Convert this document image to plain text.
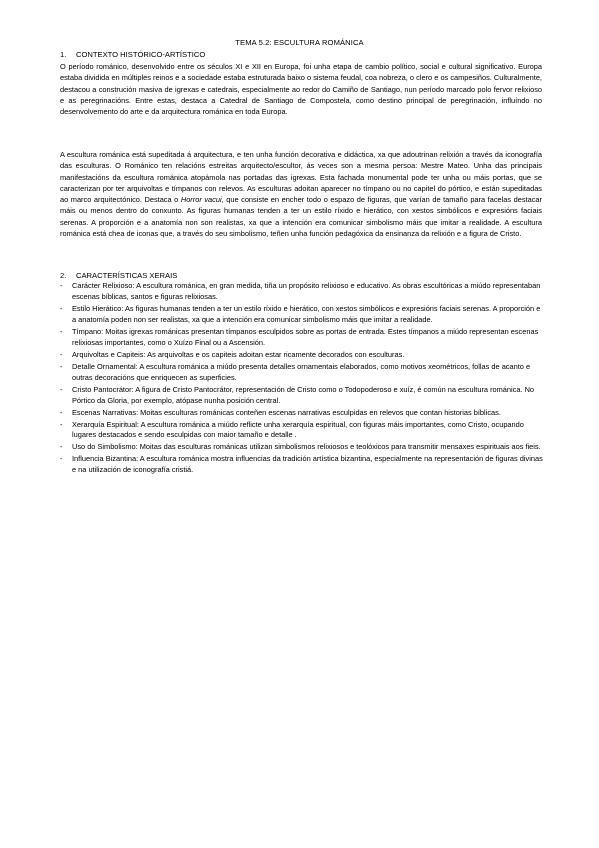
TEMA 5.2: ESCULTURA ROMÁNICA
1. CONTEXTO HISTÓRICO-ARTÍSTICO

O período románico, desenvolvido entre os séculos XI e XII en Europa, foi unha etapa de cambio político, social e cultural significativo. Europa estaba dividida en múltiples reinos e a sociedade estaba estruturada baixo o sistema feudal, coa nobreza, o clero e os campesiños. Culturalmente, destacou a construción masiva de igrexas e catedrais, especialmente ao redor do Camiño de Santiago, nun período marcado polo fervor relixioso e as peregrinacións. Entre estas, destaca a Catedral de Santiago de Compostela, como destino principal de peregrinación, influíndo no desenvolvemento do arte e da arquitectura románica en toda Europa.

A escultura románica está supeditada á arquitectura, e ten unha función decorativa e didáctica, xa que adoutrinan relixión a través da iconografía das esculturas. O Románico ten relacións estreitas arquitecto/escultor, ás veces son a mesma persoa: Mestre Mateo. Unha das principais manifestacións da escultura románica atopámola nas portadas das igrexas. Esta fachada monumental pode ter unha ou máis portas, que se caracterizan por ter arquivoltas e tímpanos con relevos. As esculturas adoitan aparecer no tímpano ou no capitel do pórtico, e están supeditadas ao marco arquitectónico. Destaca o Horror vacui, que consiste en encher todo o espazo de figuras, que varían de tamaño para facelas destacar máis ou menos dentro do conxunto. As figuras humanas tenden a ter un estilo ríxido e hierático, con xestos simbólicos e expresións faciais serenas. A proporción e a anatomía non son realistas, xa que a intención era comunicar simbolismo máis que imitar a realidade. A escultura románica está chea de iconas que, a través do seu simbolismo, teñen unha función pedagóxica da ensinanza da relixión e a figura de Cristo.

2. CARACTERÍSTICAS XERAIS
- Carácter Relixioso: A escultura románica, en gran medida, tiña un propósito relixioso e educativo. As obras escultóricas a miúdo representaban escenas bíblicas, santos e figuras relixiosas.
- Estilo Hierático: As figuras humanas tenden a ter un estilo ríxido e hierático, con xestos simbólicos e expresións faciais serenas. A proporción e a anatomía poden non ser realistas, xa que a intención era comunicar simbolismo máis que imitar a realidade.
- Tímpano: Moitas igrexas románicas presentan tímpanos esculpidos sobre as portas de entrada. Estes tímpanos a miúdo representan escenas relixiosas importantes, como o Xuízo Final ou a Ascensión.
- Arquivoltas e Capiteis: As arquivoltas e os capiteis adoitan estar ricamente decorados con esculturas.
- Detalle Ornamental: A escultura románica a miúdo presenta detalles ornamentais elaborados, como motivos xeométricos, follas de acanto e outras decoracións que enriquecen as superficies.
- Cristo Pantocrátor: A figura de Cristo Pantocrátor, representación de Cristo como o Todopoderoso e xuíz, é común na escultura románica. No Pórtico da Gloria, por exemplo, atópase nunha posición central.
- Escenas Narrativas: Moitas esculturas románicas conteñen escenas narrativas esculpidas en relevos que contan historias bíblicas.
- Xerarquía Espiritual: A escultura románica a miúdo reflicte unha xerarquía espiritual, con figuras máis importantes, como Cristo, ocupando lugares destacados e sendo esculpidas con maior tamaño e detalle .
- Uso do Simbolismo: Moitas das esculturas románicas utilizan simbolismos relixiosos e teolóxicos para transmitir mensaxes espirituais aos fieis.
- Influencia Bizantina: A escultura románica mostra influencias da tradición artística bizantina, especialmente na representación de figuras divinas e na utilización de iconografía cristiá.
